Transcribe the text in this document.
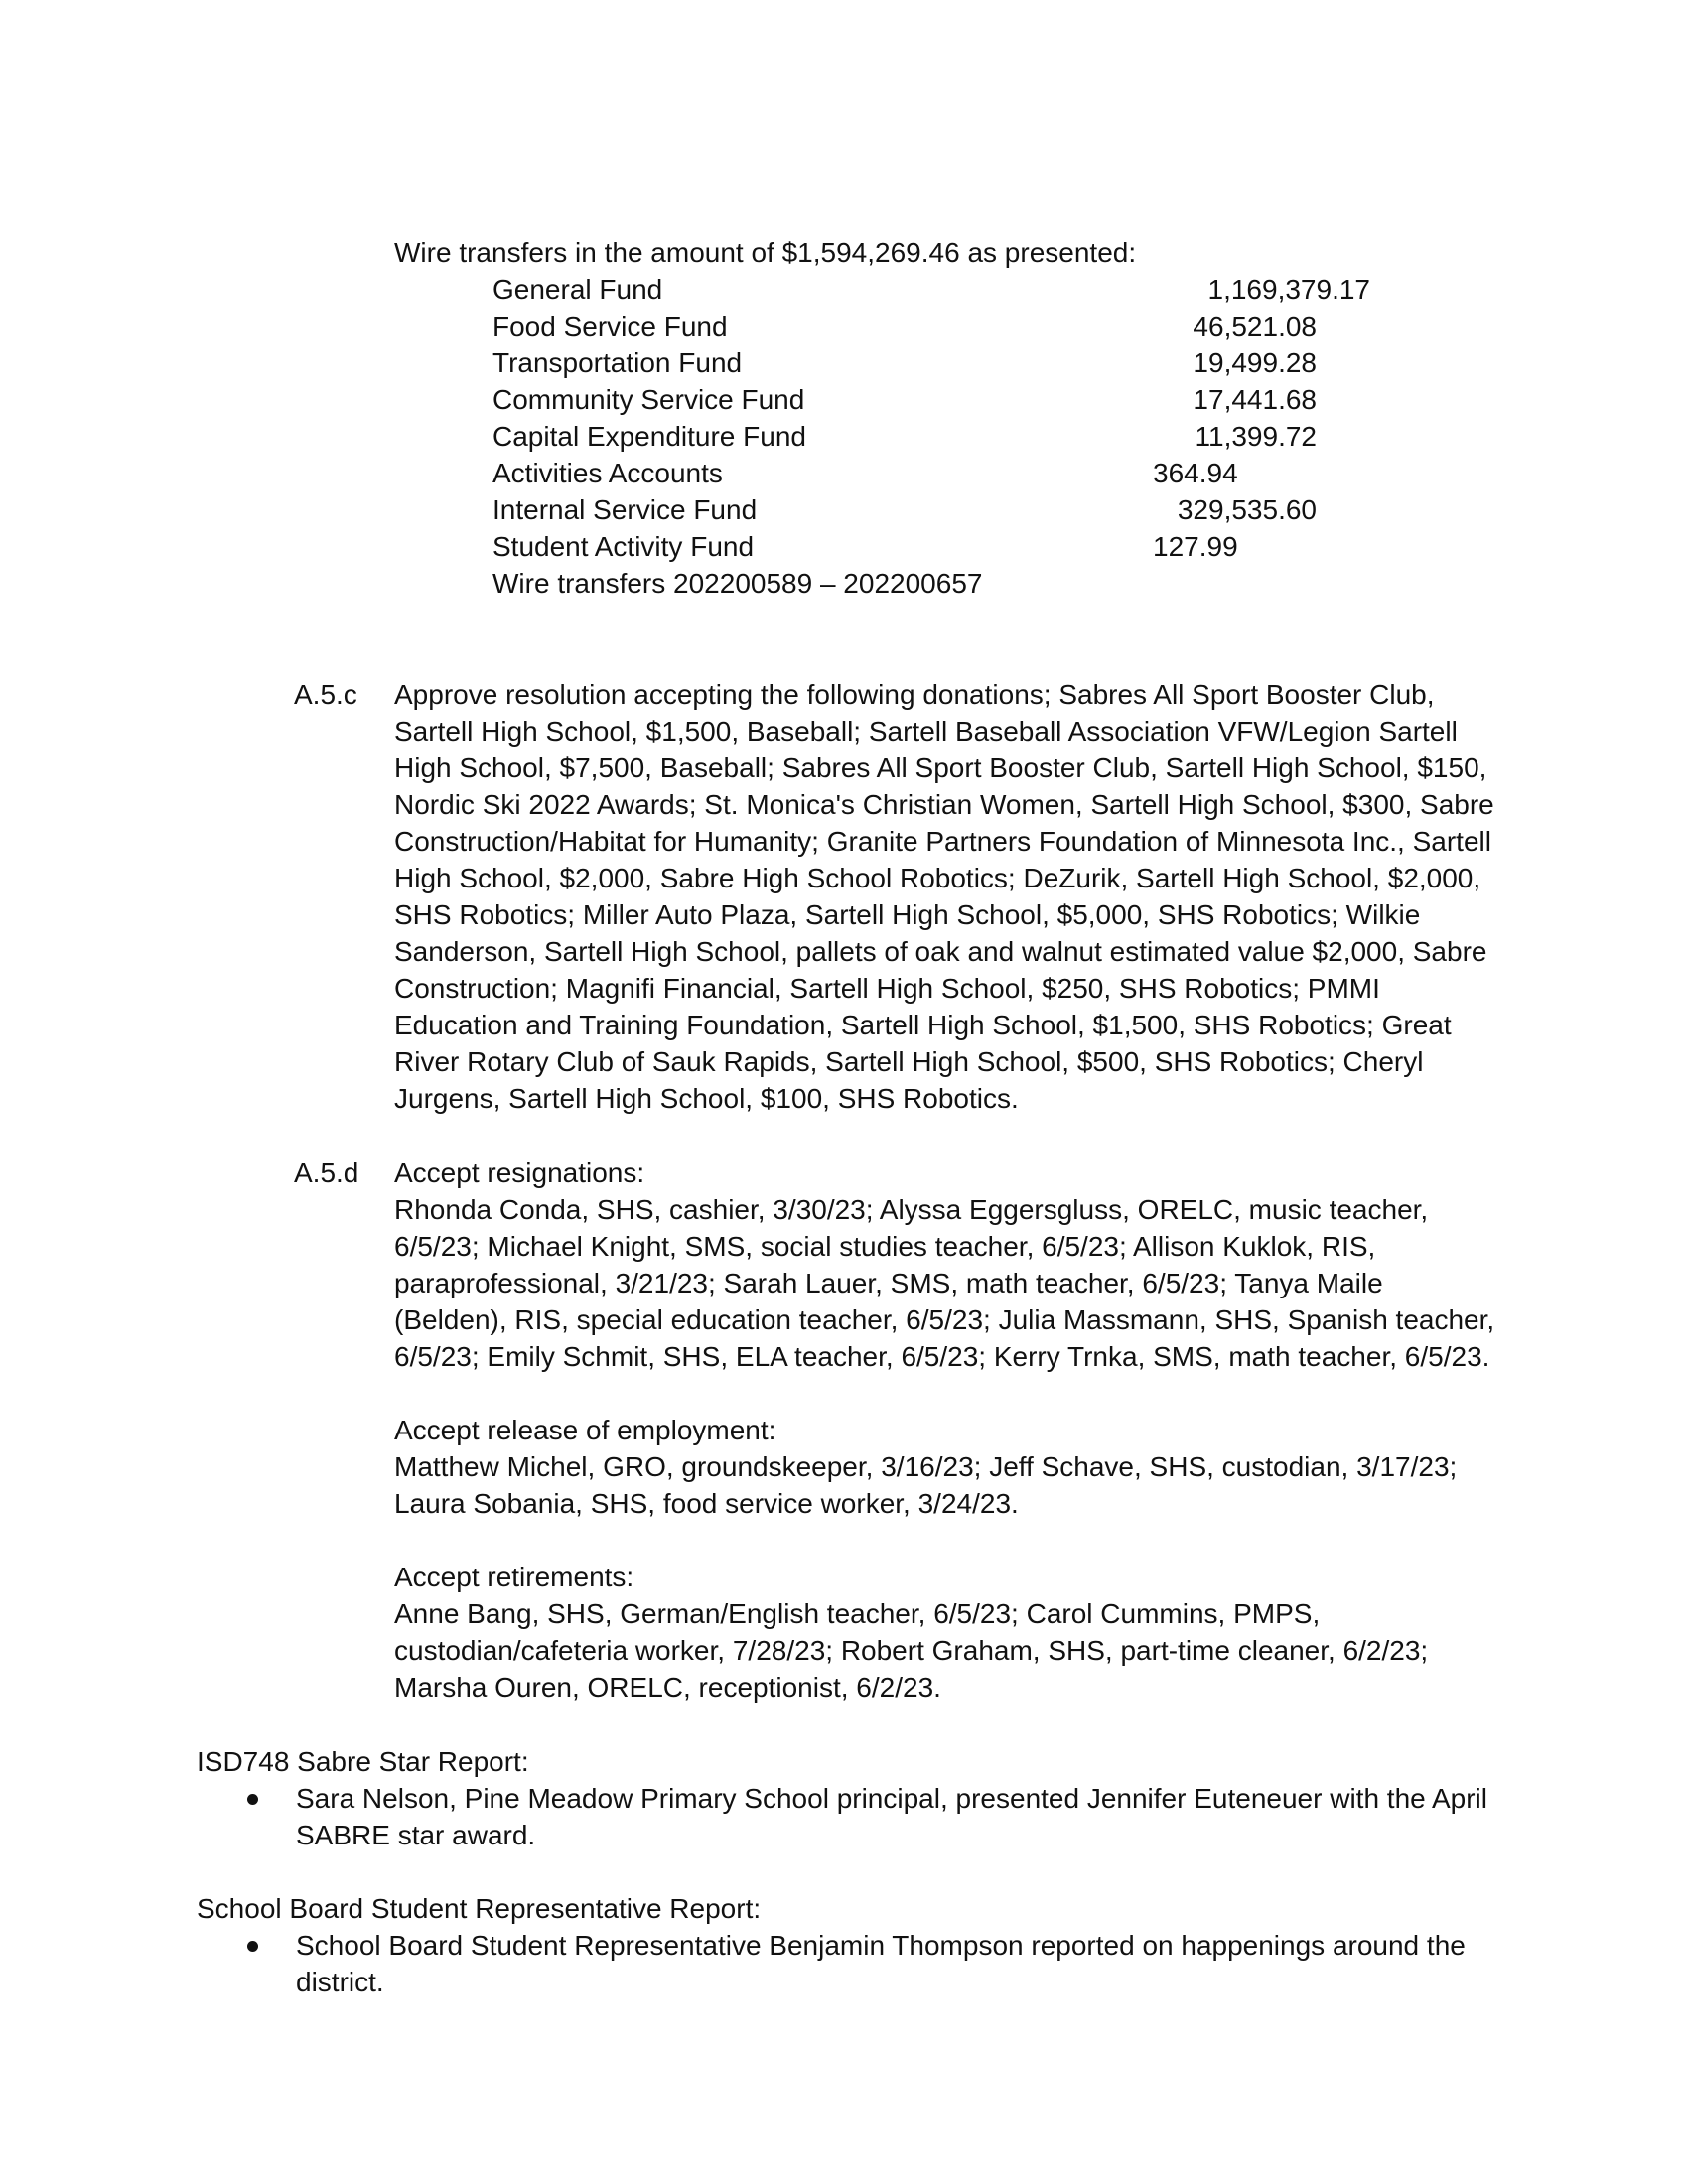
Wire transfers in the amount of $1,594,269.46 as presented:
General Fund	1,169,379.17
Food Service Fund	46,521.08
Transportation Fund	19,499.28
Community Service Fund	17,441.68
Capital Expenditure Fund	11,399.72
Activities Accounts	364.94
Internal Service Fund	329,535.60
Student Activity Fund	127.99
Wire transfers 202200589 – 202200657
A.5.c Approve resolution accepting the following donations; Sabres All Sport Booster Club, Sartell High School, $1,500, Baseball; Sartell Baseball Association VFW/Legion Sartell High School, $7,500, Baseball; Sabres All Sport Booster Club, Sartell High School, $150, Nordic Ski 2022 Awards; St. Monica's Christian Women, Sartell High School, $300, Sabre Construction/Habitat for Humanity; Granite Partners Foundation of Minnesota Inc., Sartell High School, $2,000, Sabre High School Robotics; DeZurik, Sartell High School, $2,000, SHS Robotics; Miller Auto Plaza, Sartell High School, $5,000, SHS Robotics; Wilkie Sanderson, Sartell High School, pallets of oak and walnut estimated value $2,000, Sabre Construction; Magnifi Financial, Sartell High School, $250, SHS Robotics; PMMI Education and Training Foundation, Sartell High School, $1,500, SHS Robotics; Great River Rotary Club of Sauk Rapids, Sartell High School, $500, SHS Robotics; Cheryl Jurgens, Sartell High School, $100, SHS Robotics.
A.5.d Accept resignations:
Rhonda Conda, SHS, cashier, 3/30/23; Alyssa Eggersgluss, ORELC, music teacher, 6/5/23; Michael Knight, SMS, social studies teacher, 6/5/23; Allison Kuklok, RIS, paraprofessional, 3/21/23; Sarah Lauer, SMS, math teacher, 6/5/23; Tanya Maile (Belden), RIS, special education teacher, 6/5/23; Julia Massmann, SHS, Spanish teacher, 6/5/23; Emily Schmit, SHS, ELA teacher, 6/5/23; Kerry Trnka, SMS, math teacher, 6/5/23.
Accept release of employment:
Matthew Michel, GRO, groundskeeper, 3/16/23; Jeff Schave, SHS, custodian, 3/17/23; Laura Sobania, SHS, food service worker, 3/24/23.
Accept retirements:
Anne Bang, SHS, German/English teacher, 6/5/23; Carol Cummins, PMPS, custodian/cafeteria worker, 7/28/23; Robert Graham, SHS, part-time cleaner, 6/2/23; Marsha Ouren, ORELC, receptionist, 6/2/23.
ISD748 Sabre Star Report:
Sara Nelson, Pine Meadow Primary School principal, presented Jennifer Euteneuer with the April SABRE star award.
School Board Student Representative Report:
School Board Student Representative Benjamin Thompson reported on happenings around the district.
